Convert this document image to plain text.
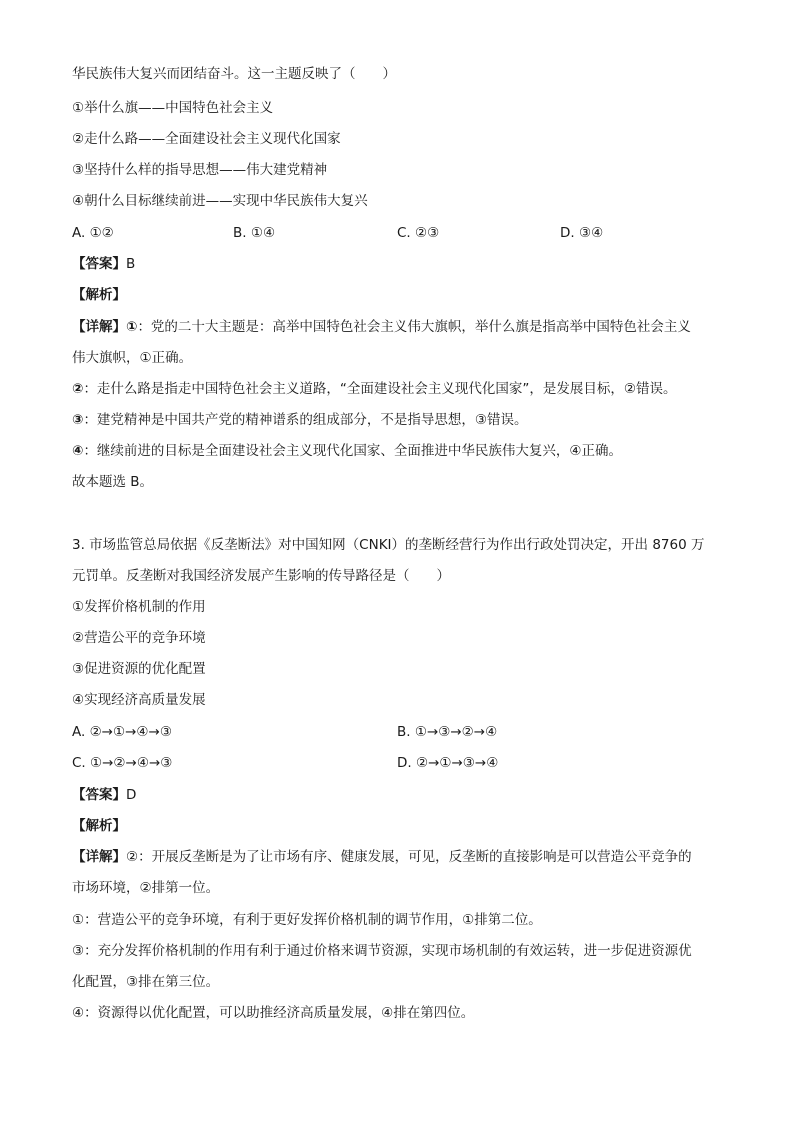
华民族伟大复兴而团结奋斗。这一主题反映了（　　）
①举什么旗——中国特色社会主义
②走什么路——全面建设社会主义现代化国家
③坚持什么样的指导思想——伟大建党精神
④朝什么目标继续前进——实现中华民族伟大复兴
A. ①②	B. ①④	C. ②③	D. ③④
【答案】B
【解析】
【详解】①：党的二十大主题是：高举中国特色社会主义伟大旗帜，举什么旗是指高举中国特色社会主义
伟大旗帜，①正确。
②：走什么路是指走中国特色社会主义道路，“全面建设社会主义现代化国家”，是发展目标，②错误。
③：建党精神是中国共产党的精神谱系的组成部分，不是指导思想，③错误。
④：继续前进的目标是全面建设社会主义现代化国家、全面推进中华民族伟大复兴，④正确。
故本题选 B。
3. 市场监管总局依据《反垄断法》对中国知网（CNKI）的垄断经营行为作出行政处罚决定，开出 8760 万
元罚单。反垄断对我国经济发展产生影响的传导路径是（　　）
①发挥价格机制的作用
②营造公平的竞争环境
③促进资源的优化配置
④实现经济高质量发展
A. ②→①→④→③	B. ①→③→②→④
C. ①→②→④→③	D. ②→①→③→④
【答案】D
【解析】
【详解】②：开展反垄断是为了让市场有序、健康发展，可见，反垄断的直接影响是可以营造公平竞争的
市场环境，②排第一位。
①：营造公平的竞争环境，有利于更好发挥价格机制的调节作用，①排第二位。
③：充分发挥价格机制的作用有利于通过价格来调节资源，实现市场机制的有效运转，进一步促进资源优
化配置，③排在第三位。
④：资源得以优化配置，可以助推经济高质量发展，④排在第四位。
